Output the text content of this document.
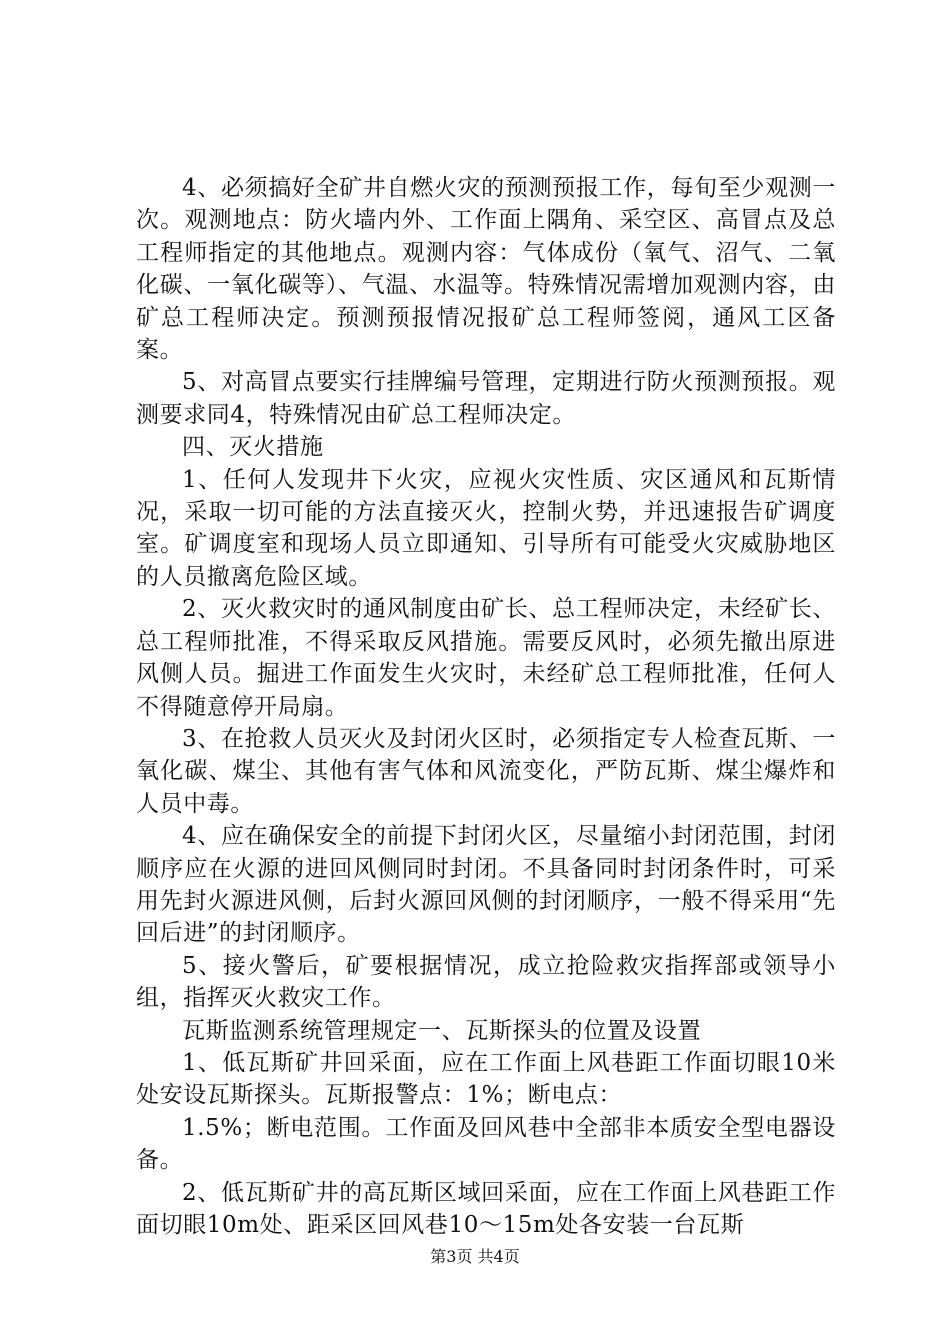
4、必须搞好全矿井自燃火灾的预测预报工作，每旬至少观测一次。观测地点：防火墙内外、工作面上隅角、采空区、高冒点及总工程师指定的其他地点。观测内容：气体成份（氧气、沼气、二氧化碳、一氧化碳等）、气温、水温等。特殊情况需增加观测内容，由矿总工程师决定。预测预报情况报矿总工程师签阅，通风工区备案。

5、对高冒点要实行挂牌编号管理，定期进行防火预测预报。观测要求同4，特殊情况由矿总工程师决定。

四、灭火措施

1、任何人发现井下火灾，应视火灾性质、灾区通风和瓦斯情况，采取一切可能的方法直接灭火，控制火势，并迅速报告矿调度室。矿调度室和现场人员立即通知、引导所有可能受火灾威胁地区的人员撤离危险区域。

2、灭火救灾时的通风制度由矿长、总工程师决定，未经矿长、总工程师批准，不得采取反风措施。需要反风时，必须先撤出原进风侧人员。掘进工作面发生火灾时，未经矿总工程师批准，任何人不得随意停开局扇。

3、在抢救人员灭火及封闭火区时，必须指定专人检查瓦斯、一氧化碳、煤尘、其他有害气体和风流变化，严防瓦斯、煤尘爆炸和人员中毒。

4、应在确保安全的前提下封闭火区，尽量缩小封闭范围，封闭顺序应在火源的进回风侧同时封闭。不具备同时封闭条件时，可采用先封火源进风侧，后封火源回风侧的封闭顺序，一般不得采用“先回后进”的封闭顺序。

5、接火警后，矿要根据情况，成立抢险救灾指挥部或领导小组，指挥灭火救灾工作。

瓦斯监测系统管理规定一、瓦斯探头的位置及设置

1、低瓦斯矿井回采面，应在工作面上风巷距工作面切眼10米处安设瓦斯探头。瓦斯报警点：1%；断电点：

1.5%；断电范围。工作面及回风巷中全部非本质安全型电器设备。

2、低瓦斯矿井的高瓦斯区域回采面，应在工作面上风巷距工作面切眼10m处、距采区回风巷10～15m处各安装一台瓦斯

第3页 共4页
